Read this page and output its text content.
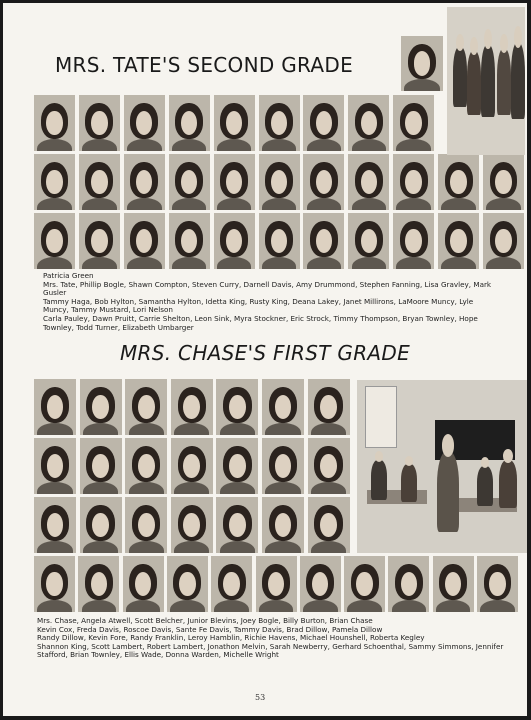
MRS. TATE'S SECOND GRADE

Patricia Green

Mrs. Tate, Phillip Bogle, Shawn Compton, Steven Curry, Darnell Davis, Amy Drummond, Stephen Fanning, Lisa Gravley, Mark Gusler

Tammy Haga, Bob Hylton, Samantha Hylton, Idetta King, Rusty King, Deana Lakey, Janet Millirons, LaMoore Muncy, Lyle Muncy, Tammy Mustard, Lori Nelson

Carla Pauley, Dawn Pruitt, Carrie Shelton, Leon Sink, Myra Stockner, Eric Strock, Timmy Thompson, Bryan Townley, Hope Townley, Todd Turner, Elizabeth Umbarger

MRS. CHASE'S FIRST GRADE

Mrs. Chase, Angela Atwell, Scott Belcher, Junior Blevins, Joey Bogle, Billy Burton, Brian Chase

Kevin Cox, Freda Davis, Roscoe Davis, Sante Fe Davis, Tammy Davis, Brad Dillow, Pamela Dillow

Randy Dillow, Kevin Fore, Randy Franklin, Leroy Hamblin, Richie Havens, Michael Hounshell, Roberta Kegley

Shannon King, Scott Lambert, Robert Lambert, Jonathon Melvin, Sarah Newberry, Gerhard Schoenthal, Sammy Simmons, Jennifer Stafford, Brian Townley, Ellis Wade, Donna Warden, Michelle Wright

53
